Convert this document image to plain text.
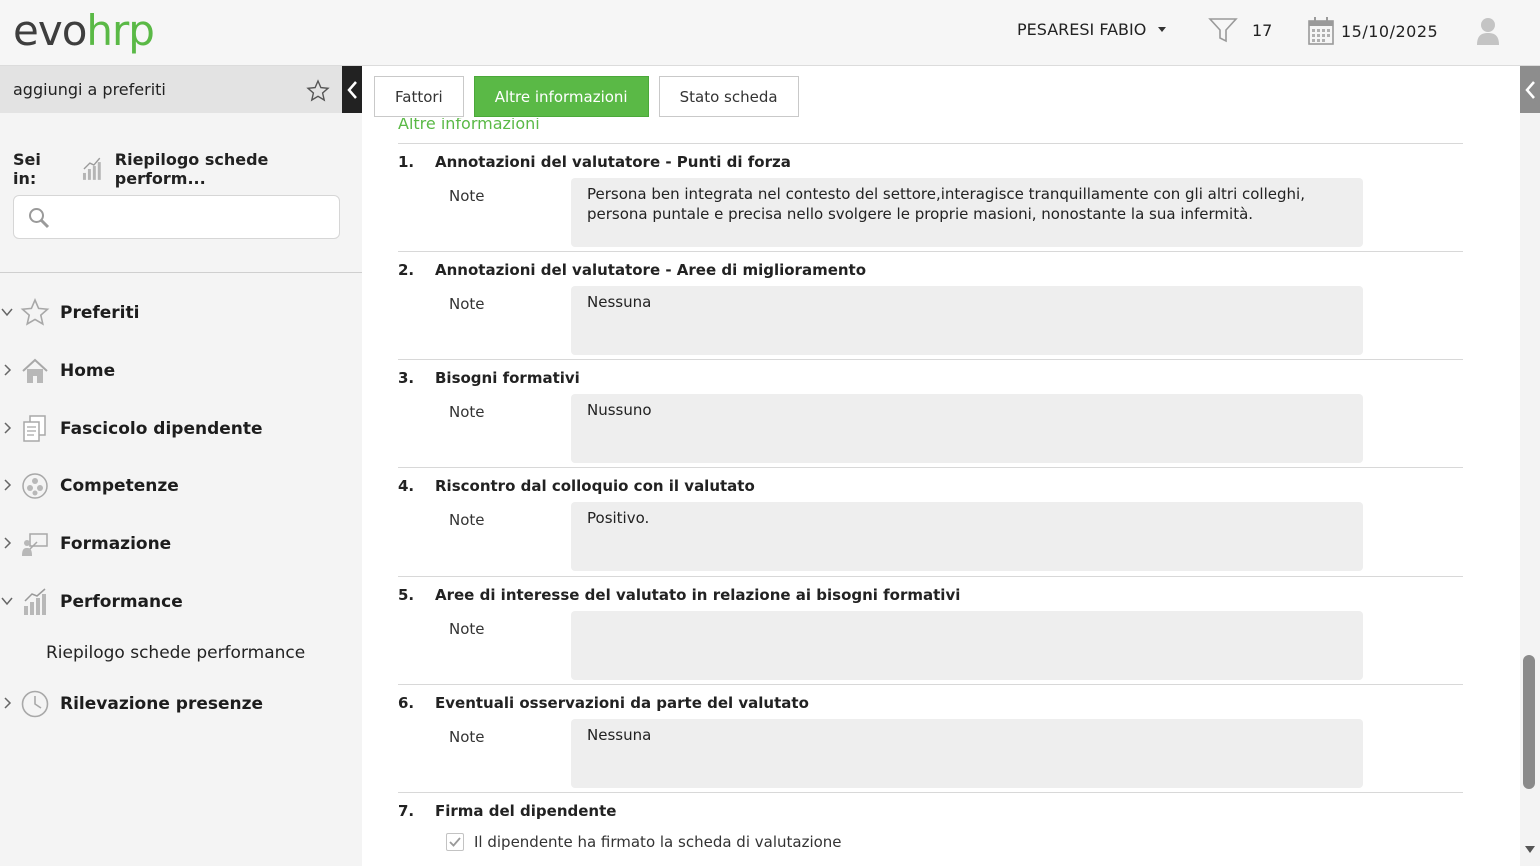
evohrp	PESARESI FABIO	17	15/10/2025
aggiungi a preferiti
Sei in:
Riepilogo schede perform...
Preferiti
Home
Fascicolo dipendente
Competenze
Formazione
Performance
Riepilogo schede performance
Rilevazione presenze
Fattori	Altre informazioni	Stato scheda
Altre informazioni
1. Annotazioni del valutatore - Punti di forza
Note	Persona ben integrata nel contesto del settore,interagisce tranquillamente con gli altri colleghi, persona puntale e precisa nello svolgere le proprie masioni, nonostante la sua infermità.
2. Annotazioni del valutatore - Aree di miglioramento
Note	Nessuna
3. Bisogni formativi
Note	Nussuno
4. Riscontro dal colloquio con il valutato
Note	Positivo.
5. Aree di interesse del valutato in relazione ai bisogni formativi
Note
6. Eventuali osservazioni da parte del valutato
Note	Nessuna
7. Firma del dipendente
Il dipendente ha firmato la scheda di valutazione
